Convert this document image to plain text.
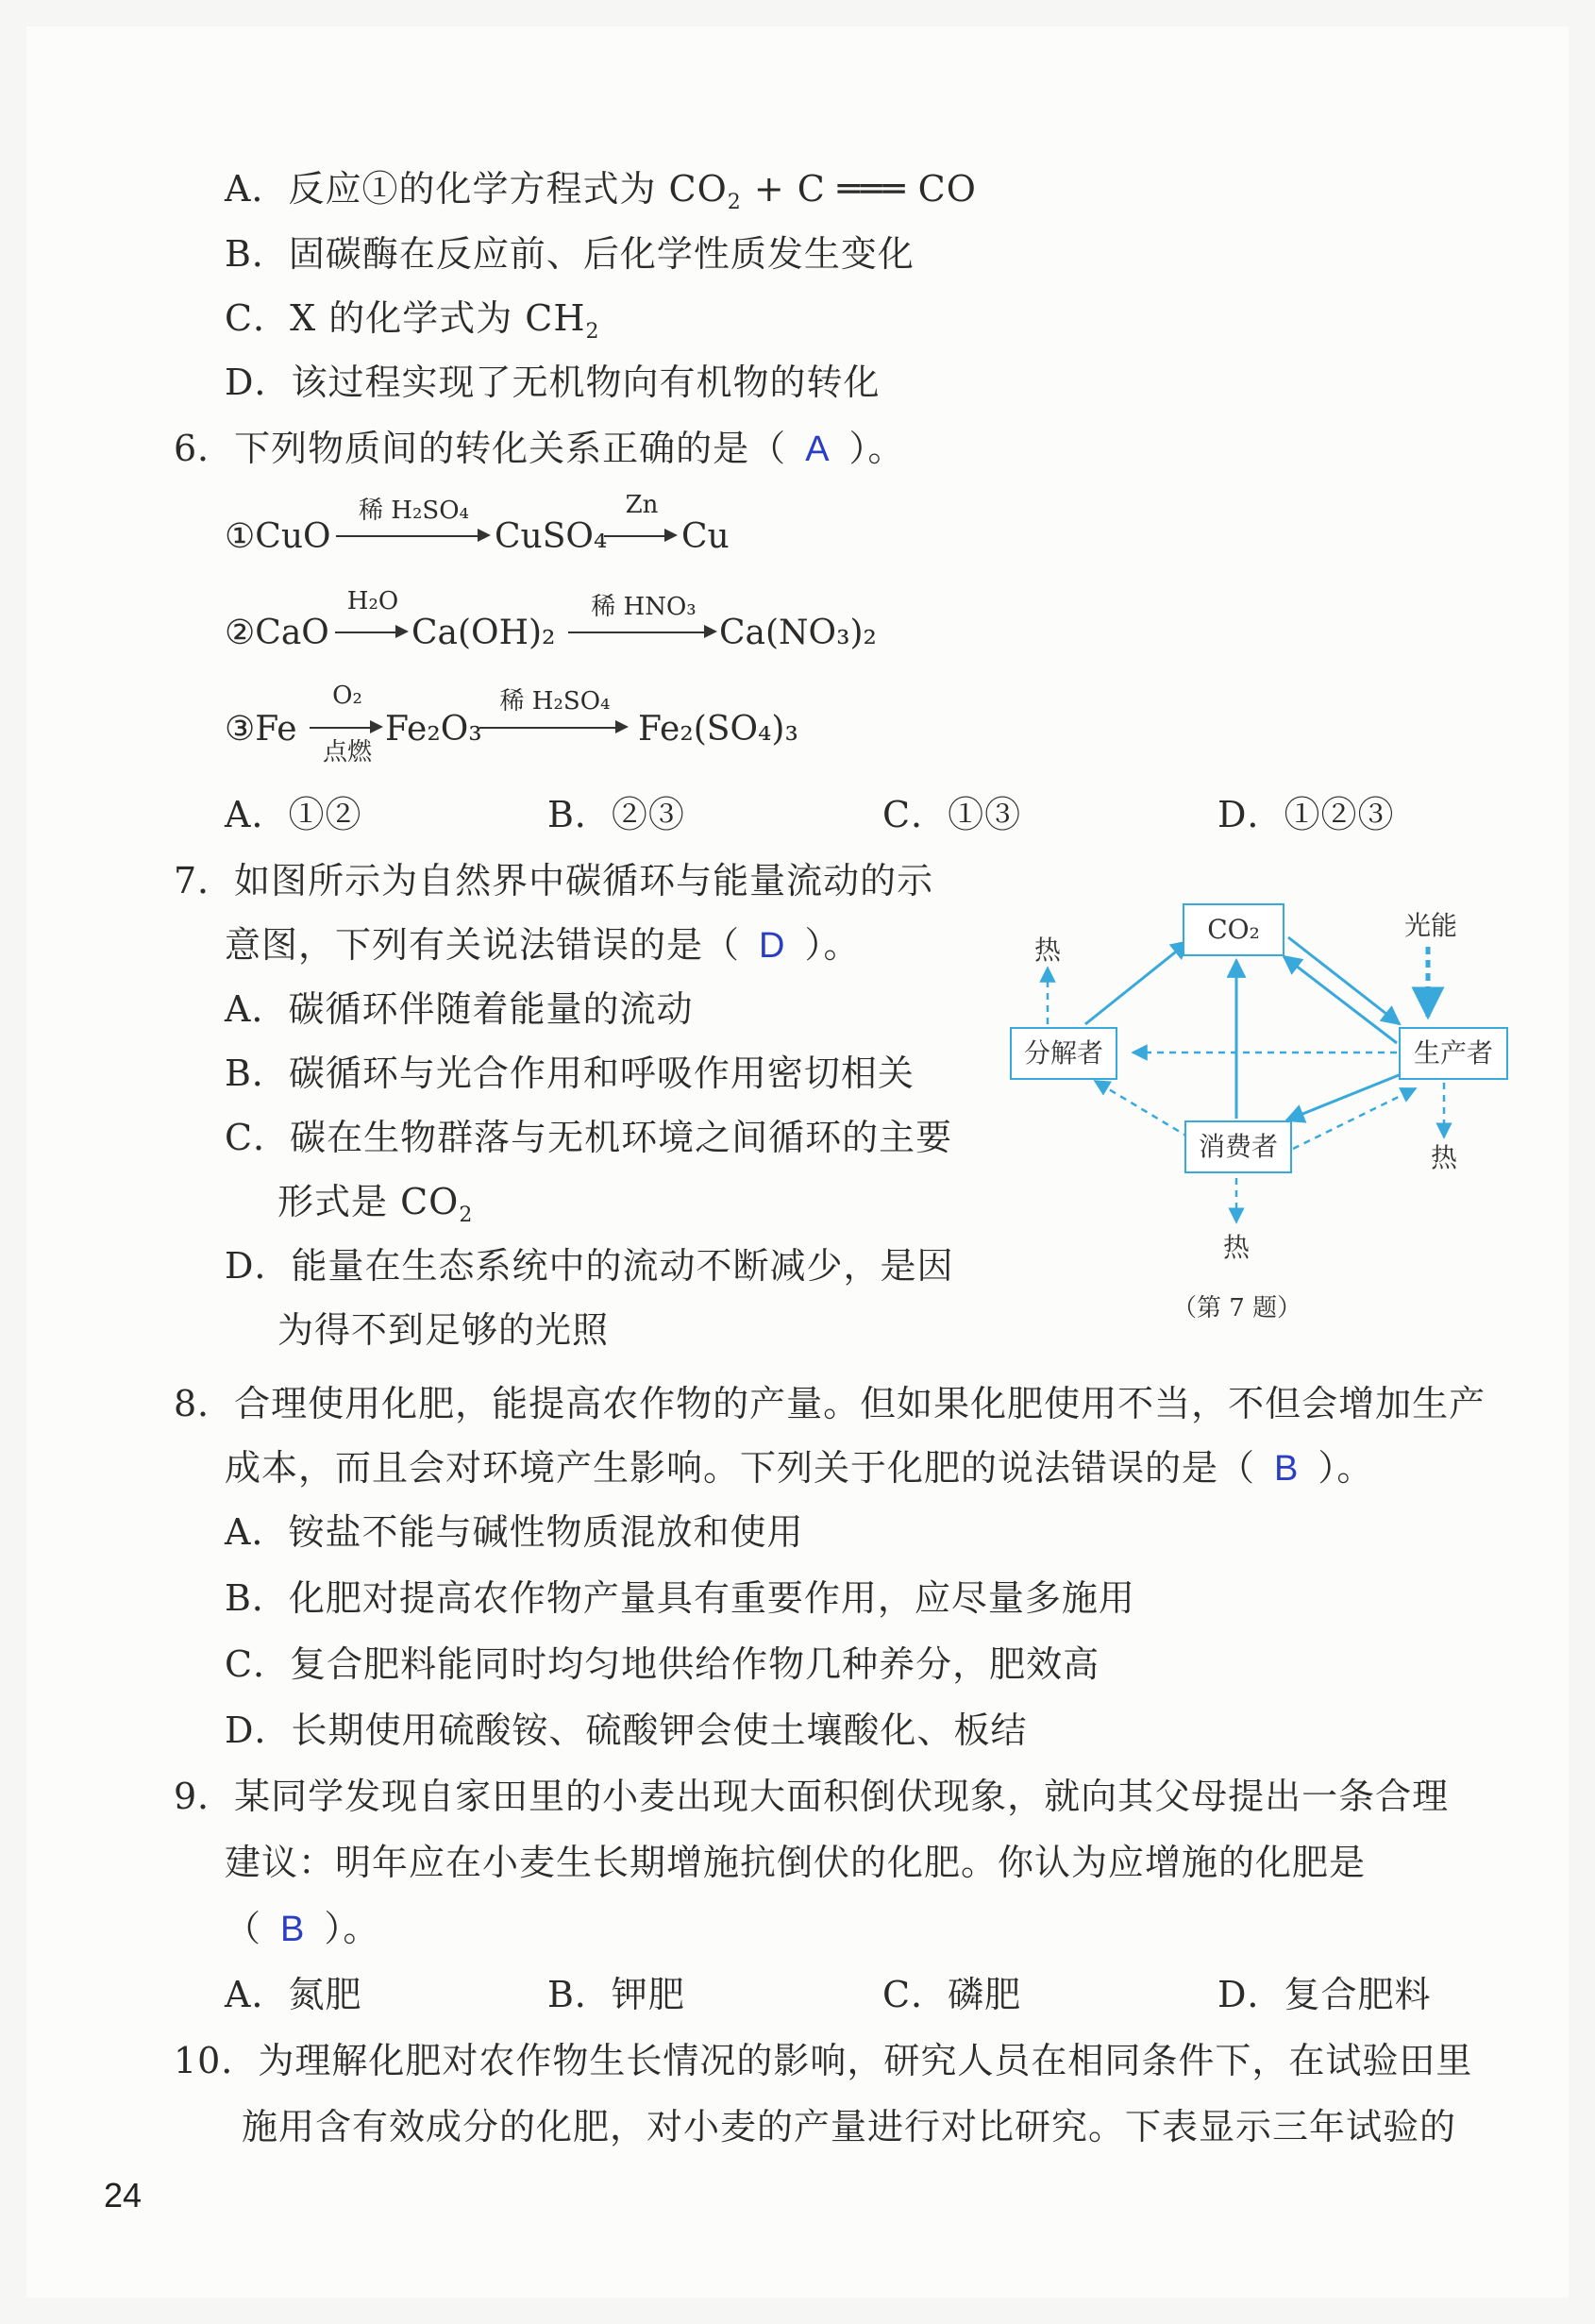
A．反应①的化学方程式为 $CO_2 + C$ ═══ CO
B．固碳酶在反应前、后化学性质发生变化
C．X 的化学式为 $CH_2$
D．该过程实现了无机物向有机物的转化
6．下列物质间的转化关系正确的是（ A ）。
①CuO
稀 H₂SO₄
CuSO₄
Zn
Cu
②CaO
H₂O
Ca(OH)₂
稀 HNO₃
Ca(NO₃)₂
③Fe
O₂
点燃
Fe₂O₃
稀 H₂SO₄
Fe₂(SO₄)₃
A．①②	B．②③	C．①③	D．①②③
7．如图所示为自然界中碳循环与能量流动的示
意图，下列有关说法错误的是（ D ）。
A．碳循环伴随着能量的流动
B．碳循环与光合作用和呼吸作用密切相关
C．碳在生物群落与无机环境之间循环的主要
形式是 $CO_2$
D．能量在生态系统中的流动不断减少，是因
为得不到足够的光照
CO₂
分解者	生产者
消费者
光能
热
热
热
（第 7 题）
8．合理使用化肥，能提高农作物的产量。但如果化肥使用不当，不但会增加生产
成本，而且会对环境产生影响。下列关于化肥的说法错误的是（ B ）。
A．铵盐不能与碱性物质混放和使用
B．化肥对提高农作物产量具有重要作用，应尽量多施用
C．复合肥料能同时均匀地供给作物几种养分，肥效高
D．长期使用硫酸铵、硫酸钾会使土壤酸化、板结
9．某同学发现自家田里的小麦出现大面积倒伏现象，就向其父母提出一条合理
建议：明年应在小麦生长期增施抗倒伏的化肥。你认为应增施的化肥是
（ B ）。
A．氮肥	B．钾肥	C．磷肥	D．复合肥料
10．为理解化肥对农作物生长情况的影响，研究人员在相同条件下，在试验田里
施用含有效成分的化肥，对小麦的产量进行对比研究。下表显示三年试验的
24
